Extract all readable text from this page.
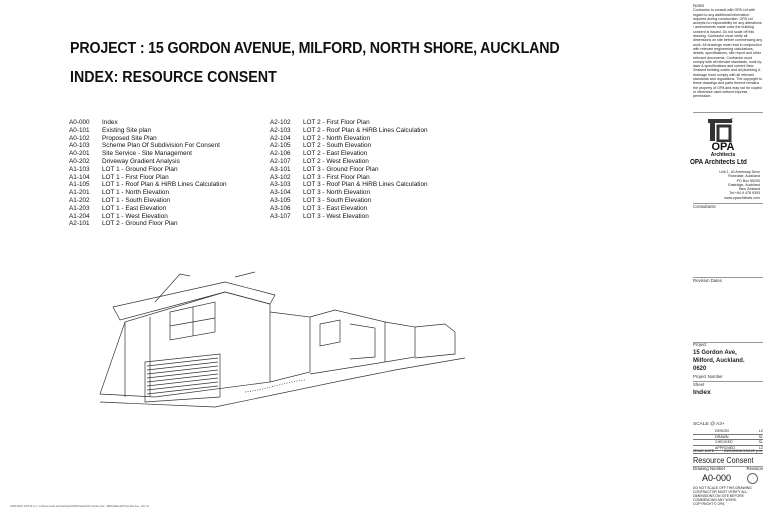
PROJECT : 15 GORDON AVENUE, MILFORD, NORTH SHORE, AUCKLAND
INDEX: RESOURCE CONSENT
A0-000	Index
A0-101	Existing Site plan
A0-102	Proposed Site Plan
A0-103	Scheme Plan Of Subdivision For Consent
A0-201	Site Service - Site Management
A0-202	Driveway Gradient Analysis
A1-103	LOT 1 - Ground Floor Plan
A1-104	LOT 1 - First Floor Plan
A1-105	LOT 1 - Roof Plan & HiRB Lines Calculation
A1-201	LOT 1 - North Elevation
A1-202	LOT 1 - South Elevation
A1-203	LOT 1 - East Elevation
A1-204	LOT 1 - West Elevation
A2-101	LOT 2 - Ground Floor Plan
A2-102	LOT 2 - First Floor Plan
A2-103	LOT 2 - Roof Plan & HiRB Lines Calculation
A2-104	LOT 2 - North Elevation
A2-105	LOT 2 - South Elevation
A2-106	LOT 2 - East Elevation
A2-107	LOT 2 - West Elevation
A3-101	LOT 3 - Ground Floor Plan
A3-102	LOT 3 - First Floor Plan
A3-103	LOT 3 - Roof Plan & HiRB Lines Calculation
A3-104	LOT 3 - North Elevation
A3-105	LOT 3 - South Elevation
A3-106	LOT 3 - East Elevation
A3-107	LOT 3 - West Elevation
Notes
Contractor to consult with OPA Ltd with regard to any additional information required during construction. OPA Ltd accepts no responsibility for any alterations / amendments made once the building consent is issued. Do not scale off this drawing. Contractor must verify all dimensions on site before commencing any work. All drawings must read in conjunction with relevant engineering calculations, details, specifications, site report and other relevant documents. Contractor must comply with all relevant standards, local by-laws & specifications and current New Zealand building codes and all plumbing & drainage must comply with all relevant standards and regulations. The copyright to these drawings and parts thereof remains the property of OPA and may not be copied or otherwise used without express permission.
OPA
Architects
OPA Architects Ltd
Unit 1, 40 Arrenway Drive
Rosedale, Auckland
PO Box 55290
Eastridge, Auckland
New Zealand
Tel:+64 9 478 9393
www.oparchitects.com
Consultants
Revision Dates
Project
15 Gordon Ave,
Milford, Auckland.
0620
Project Number
Sheet
Index
SCALE @ A3+
DESIGN	LZ
DRAWN	SL
CHECKED	SL
APPROVED	LZ
ISSUE DATE	24/01/2018 3:54:22 p.m.
Resource Consent
Drawing Number	Revision
A0-000
DO NOT SCALE OFF THIS DRAWING
CONTRACTOR MUST VERIFY ALL
DIMENSIONS ON SITE BEFORE
COMMENCING ANY WORK.
COPYRIGHT © OPA
24/01/2018 3:54:22 p.m. C:\Documents and Settings\OPA\Projects\15 Gordon Ave - Milford\Revit\15 Gordon Ave - RC.rvt
